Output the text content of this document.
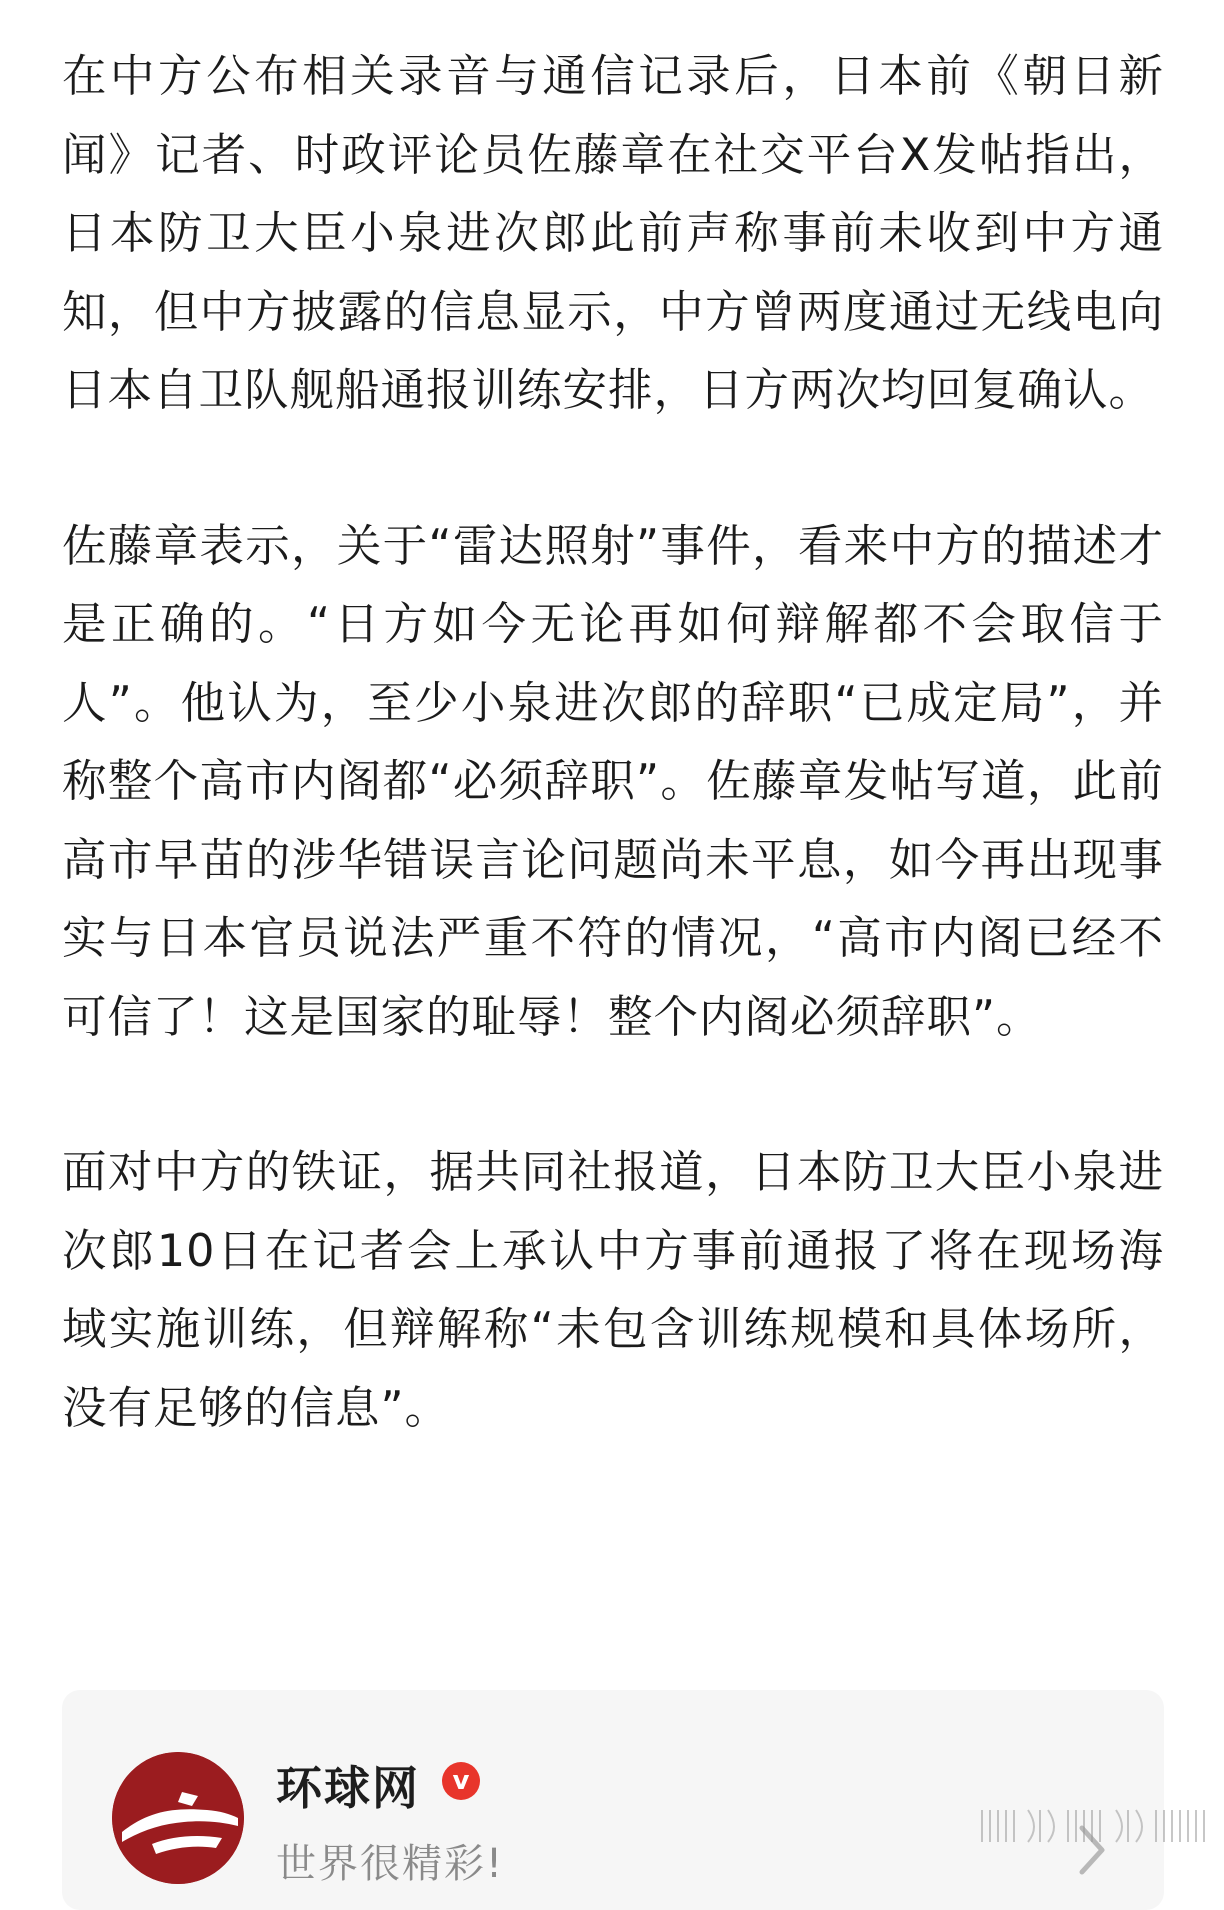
在中方公布相关录音与通信记录后，日本前《朝日新闻》记者、时政评论员佐藤章在社交平台X发帖指出，日本防卫大臣小泉进次郎此前声称事前未收到中方通知，但中方披露的信息显示，中方曾两度通过无线电向日本自卫队舰船通报训练安排，日方两次均回复确认。

佐藤章表示，关于“雷达照射”事件，看来中方的描述才是正确的。“日方如今无论再如何辩解都不会取信于人”。他认为，至少小泉进次郎的辞职“已成定局”，并称整个高市内阁都“必须辞职”。佐藤章发帖写道，此前高市早苗的涉华错误言论问题尚未平息，如今再出现事实与日本官员说法严重不符的情况，“高市内阁已经不可信了！这是国家的耻辱！整个内阁必须辞职”。

面对中方的铁证，据共同社报道，日本防卫大臣小泉进次郎10日在记者会上承认中方事前通报了将在现场海域实施训练，但辩解称“未包含训练规模和具体场所，没有足够的信息”。

环球网	v
世界很精彩!
